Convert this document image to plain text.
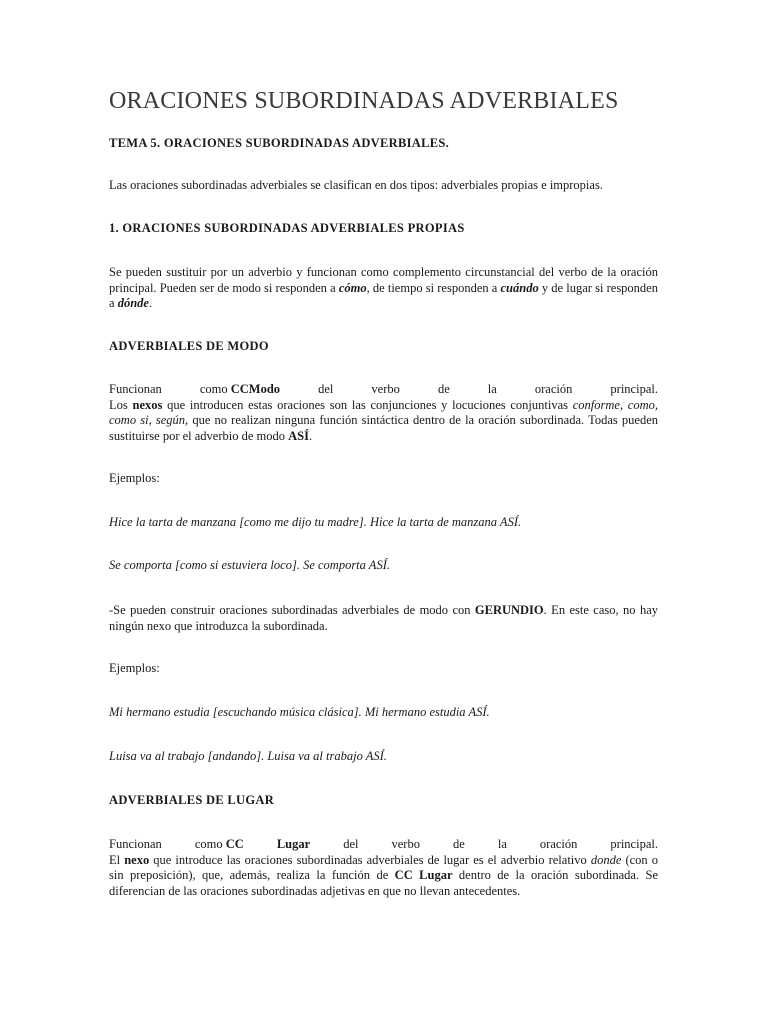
ORACIONES SUBORDINADAS ADVERBIALES

TEMA 5. ORACIONES SUBORDINADAS ADVERBIALES.

Las oraciones subordinadas adverbiales se clasifican en dos tipos: adverbiales propias e impropias.

1. ORACIONES SUBORDINADAS ADVERBIALES PROPIAS

Se pueden sustituir por un adverbio y funcionan como complemento circunstancial del verbo de la oración principal. Pueden ser de modo si responden a cómo, de tiempo si responden a cuándo y de lugar si responden a dónde.

ADVERBIALES DE MODO

Funcionan	como CCModo	del	verbo	de	la	oración	principal.
Los nexos que introducen estas oraciones son las conjunciones y locuciones conjuntivas conforme, como, como si, según, que no realizan ninguna función sintáctica dentro de la oración subordinada. Todas pueden sustituirse por el adverbio de modo ASÍ.

Ejemplos:

Hice la tarta de manzana [como me dijo tu madre]. Hice la tarta de manzana ASÍ.

Se comporta [como si estuviera loco]. Se comporta ASÍ.

-Se pueden construir oraciones subordinadas adverbiales de modo con GERUNDIO. En este caso, no hay ningún nexo que introduzca la subordinada.

Ejemplos:

Mi hermano estudia [escuchando música clásica]. Mi hermano estudia ASÍ.

Luisa va al trabajo [andando]. Luisa va al trabajo ASÍ.

ADVERBIALES DE LUGAR

Funcionan	como CC	Lugar	del	verbo	de	la	oración	principal.
El nexo que introduce las oraciones subordinadas adverbiales de lugar es el adverbio relativo donde (con o sin preposición), que, además, realiza la función de CC Lugar dentro de la oración subordinada. Se diferencian de las oraciones subordinadas adjetivas en que no llevan antecedentes.
